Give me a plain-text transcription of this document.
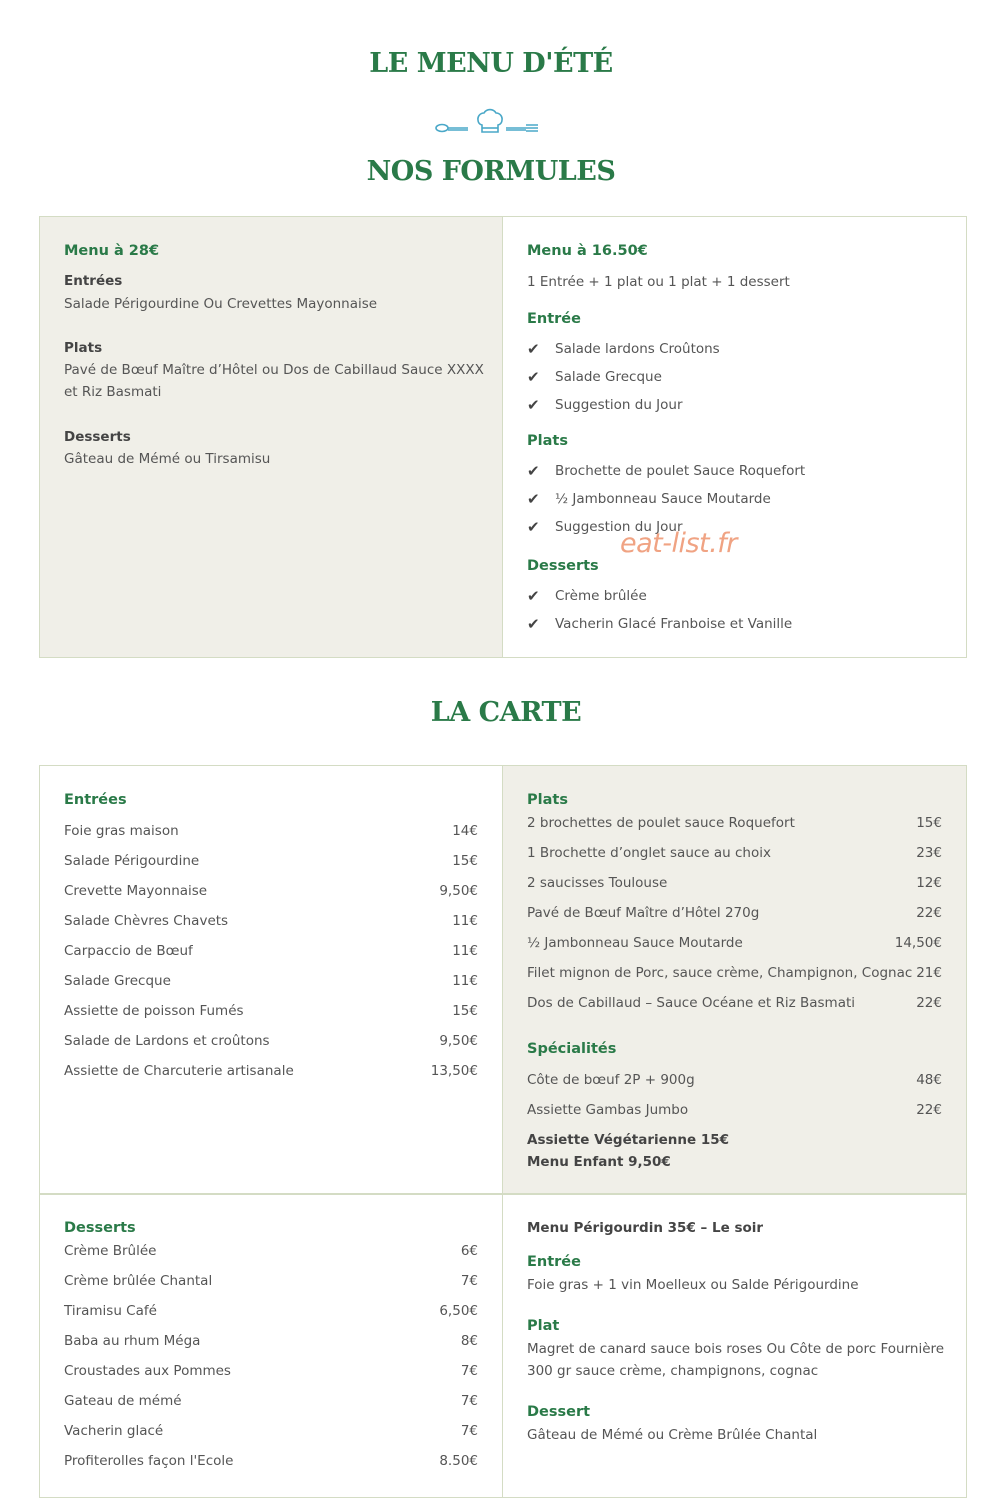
LE MENU D'ÉTÉ
NOS FORMULES
Menu à 28€
Entrées
Salade Périgourdine Ou Crevettes Mayonnaise
Plats
Pavé de Bœuf Maître d’Hôtel ou Dos de Cabillaud Sauce XXXX et Riz Basmati
Desserts
Gâteau de Mémé ou Tirsamisu
Menu à 16.50€
1 Entrée + 1 plat ou 1 plat + 1 dessert
Entrée
✔	Salade lardons Croûtons
✔	Salade Grecque
✔	Suggestion du Jour
Plats
✔	Brochette de poulet Sauce Roquefort
✔	½ Jambonneau Sauce Moutarde
✔	Suggestion du Jour
Desserts
✔	Crème brûlée
✔	Vacherin Glacé Franboise et Vanille
eat-list.fr
LA CARTE
Entrées
Foie gras maison	14€
Salade Périgourdine	15€
Crevette Mayonnaise	9,50€
Salade Chèvres Chavets	11€
Carpaccio de Bœuf	11€
Salade Grecque	11€
Assiette de poisson Fumés	15€
Salade de Lardons et croûtons	9,50€
Assiette de Charcuterie artisanale	13,50€
Plats
2 brochettes de poulet sauce Roquefort	15€
1 Brochette d’onglet sauce au choix	23€
2 saucisses Toulouse	12€
Pavé de Bœuf Maître d’Hôtel 270g	22€
½ Jambonneau Sauce Moutarde	14,50€
Filet mignon de Porc, sauce crème, Champignon, Cognac 21€
Dos de Cabillaud – Sauce Océane et Riz Basmati	22€
Spécialités
Côte de bœuf 2P + 900g	48€
Assiette Gambas Jumbo	22€
Assiette Végétarienne 15€
Menu Enfant 9,50€
Desserts
Crème Brûlée	6€
Crème brûlée Chantal	7€
Tiramisu Café	6,50€
Baba au rhum Méga	8€
Croustades aux Pommes	7€
Gateau de mémé	7€
Vacherin glacé	7€
Profiterolles façon l'Ecole	8.50€
Menu Périgourdin 35€ – Le soir
Entrée
Foie gras + 1 vin Moelleux ou Salde Périgourdine
Plat
Magret de canard sauce bois roses Ou Côte de porc Fournière 300 gr sauce crème, champignons, cognac
Dessert
Gâteau de Mémé ou Crème Brûlée Chantal
